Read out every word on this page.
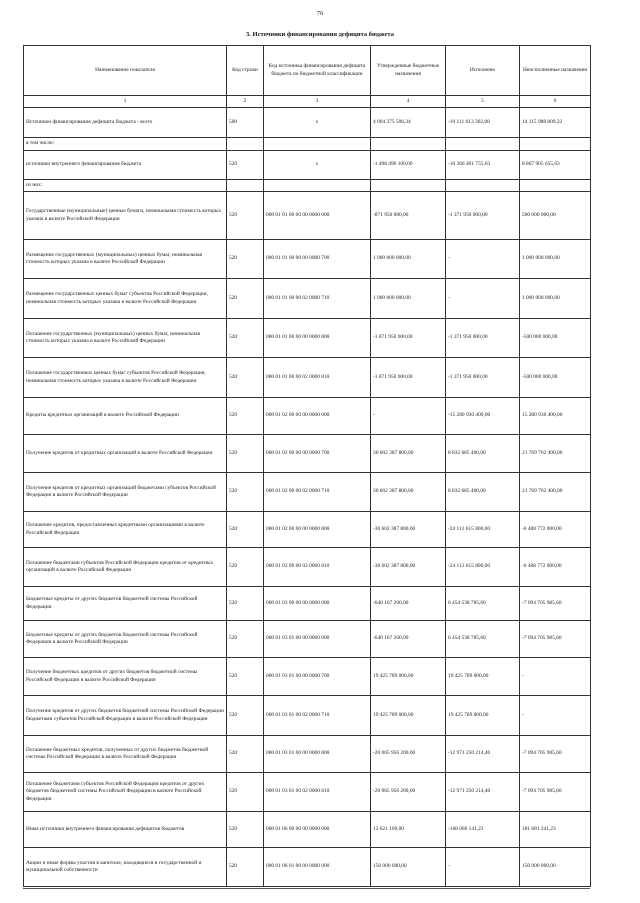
76
3. Источники финансирования дефицита бюджета
Наименование показателя	Код строки	Код источника финансирования дефицита бюджета по бюджетной классификации	Утвержденные бюджетные назначения	Исполнено	Неисполненные назначения
1	2	3	4	5	6
Источники финансирования дефицита бюджета - всего	500	x	4 004 375 506,34	-10 111 613 302,88	14 115 988 809,22
в том числе:					
источники внутреннего финансирования бюджета	520	x	-1 498 496 100,00	-10 366 401 755,63	8 867 905 655,63
из них:					
Государственные (муниципальные) ценные бумаги, номинальная стоимость которых указана в валюте Российской Федерации	520	000 01 01 00 00 00 0000 000	-871 950 000,00	-1 371 950 000,00	500 000 000,00
Размещение государственных (муниципальных) ценных бумаг, номинальная стоимость которых указана в валюте Российской Федерации	520	000 01 01 00 00 00 0000 700	1 000 000 000,00	-	1 000 000 000,00
Размещение государственных ценных бумаг субъектов Российской Федерации, номинальная стоимость которых указана в валюте Российской Федерации	520	000 01 01 00 00 02 0000 710	1 000 000 000,00	-	1 000 000 000,00
Погашение государственных (муниципальных) ценных бумаг, номинальная стоимость которых указана в валюте Российской Федерации	520	000 01 01 00 00 00 0000 800	-1 871 950 000,00	-1 371 950 000,00	-500 000 000,00
Погашение государственных ценных бумаг субъектов Российской Федерации, номинальная стоимость которых указана в валюте Российской Федерации	520	000 01 01 00 00 02 0000 810	-1 871 950 000,00	-1 371 950 000,00	-500 000 000,00
Кредиты кредитных организаций в валюте Российской Федерации	520	000 01 02 00 00 00 0000 000	-	-15 280 930 400,00	15 280 930 400,00
Получение кредитов от кредитных организаций в валюте Российской Федерации	520	000 01 02 00 00 00 0000 700	30 602 387 800,00	8 832 685 400,00	21 769 702 400,00
Получение кредитов от кредитных организаций бюджетами субъектов Российской Федерации в валюте Российской Федерации	520	000 01 02 00 00 02 0000 710	30 602 387 800,00	8 832 685 400,00	21 769 702 400,00
Погашение кредитов, предоставленных кредитными организациями в валюте Российской Федерации	520	000 01 02 00 00 00 0000 800	-30 602 387 800,00	-24 113 615 800,00	-6 488 772 000,00
Погашение бюджетами субъектов Российской Федерации кредитов от кредитных организаций в валюте Российской Федерации	520	000 01 02 00 00 02 0000 810	-30 602 387 800,00	-24 113 615 800,00	-6 488 772 000,00
Бюджетные кредиты от других бюджетов бюджетной системы Российской Федерации	520	000 01 03 00 00 00 0000 000	-640 167 200,00	6 454 538 785,60	-7 094 705 985,60
Бюджетные кредиты от других бюджетов бюджетной системы Российской Федерации в валюте Российской Федерации	520	000 01 03 01 00 00 0000 000	-640 167 200,00	6 454 538 785,60	-7 094 705 985,60
Получение бюджетных кредитов от других бюджетов бюджетной системы Российской Федерации в валюте Российской Федерации	520	000 01 03 01 00 00 0000 700	19 425 789 000,00	19 425 789 000,00	-
Получение кредитов от других бюджетов бюджетной системы Российской Федерации бюджетами субъектов Российской Федерации в валюте Российской Федерации	520	000 01 03 01 00 02 0000 710	19 425 789 000,00	19 425 789 000,00	-
Погашение бюджетных кредитов, полученных от других бюджетов бюджетной системы Российской Федерации в валюте Российской Федерации	520	000 01 03 01 00 00 0000 800	-20 065 956 200,00	-12 971 250 214,40	-7 094 705 985,60
Погашение бюджетами субъектов Российской Федерации кредитов от других бюджетов бюджетной системы Российской Федерации в валюте Российской Федерации	520	000 01 03 01 00 02 0000 810	-20 065 956 200,00	-12 971 250 214,40	-7 094 705 985,60
Иные источники внутреннего финансирования дефицитов бюджетов	520	000 01 06 00 00 00 0000 000	13 621 100,00	-168 060 141,23	181 681 241,23
Акции и иные формы участия в капитале, находящиеся в государственной и муниципальной собственности	520	000 01 06 01 00 00 0000 000	150 000 000,00	-	150 000 000,00
